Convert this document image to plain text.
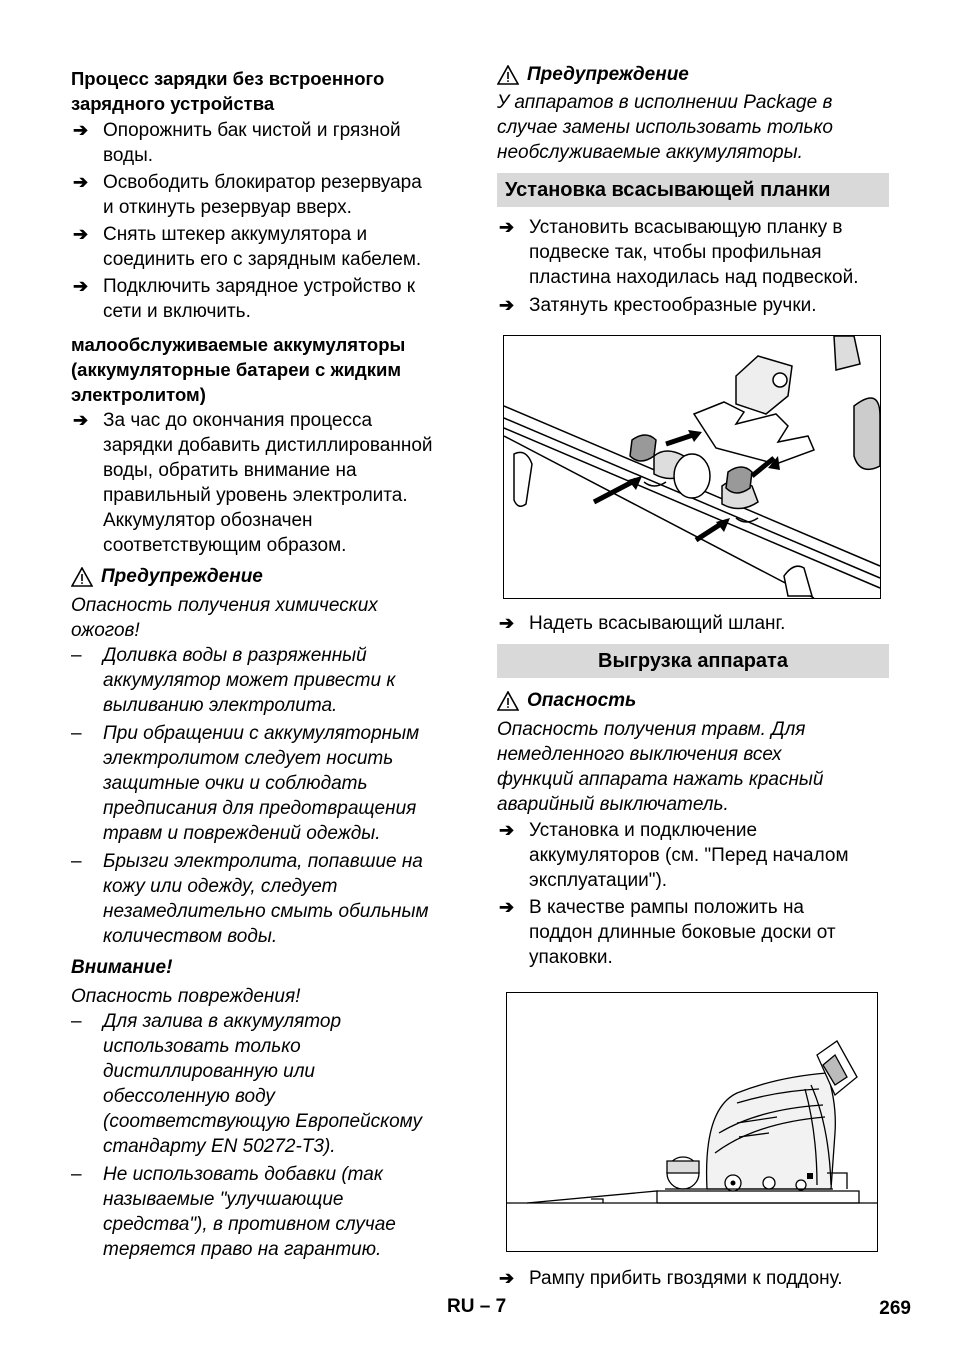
Процесс зарядки без встроенного

зарядного устройства

➔ Опорожнить бак чистой и грязной

воды.

➔ Освободить блокиратор резервуара

и откинуть резервуар вверх.

➔ Снять штекер аккумулятора и

соединить его с зарядным кабелем.

➔ Подключить зарядное устройство к

сети и включить.

малообслуживаемые аккумуляторы

(аккумуляторные батареи с жидким

электролитом)

➔ За час до окончания процесса

зарядки добавить дистиллированной

воды, обратить внимание на

правильный уровень электролита.

Аккумулятор обозначен

соответствующим образом.

Предупреждение

Опасность получения химических

ожогов!

– Доливка воды в разряженный

аккумулятор может привести к

выливанию электролита.

– При обращении с аккумуляторным

электролитом следует носить

защитные очки и соблюдать

предписания для предотвращения

травм и повреждений одежды.

– Брызги электролита, попавшие на

кожу или одежду, следует

незамедлительно смыть обильным

количеством воды.

Внимание!

Опасность повреждения!

– Для залива в аккумулятор

использовать только

дистиллированную или

обессоленную воду

(соответствующую Европейскому

стандарту EN 50272-T3).

– Не использовать добавки (так

называемые "улучшающие

средства"), в противном случае

теряется право на гарантию.

Предупреждение

У аппаратов в исполнении Package в

случае замены использовать только

необслуживаемые аккумуляторы.

Установка всасывающей планки
➔ Установить всасывающую планку в

подвеске так, чтобы профильная

пластина находилась над подвеской.

➔ Затянуть крестообразные ручки.

➔ Надеть всасывающий шланг.

Выгрузка аппарата
Опасность

Опасность получения травм. Для

немедленного выключения всех

функций аппарата нажать красный

аварийный выключатель.

➔ Установка и подключение

аккумуляторов (см. "Перед началом

эксплуатации").

➔ В качестве рампы положить на

поддон длинные боковые доски от

упаковки.

➔ Рампу прибить гвоздями к поддону.

RU – 7	269
